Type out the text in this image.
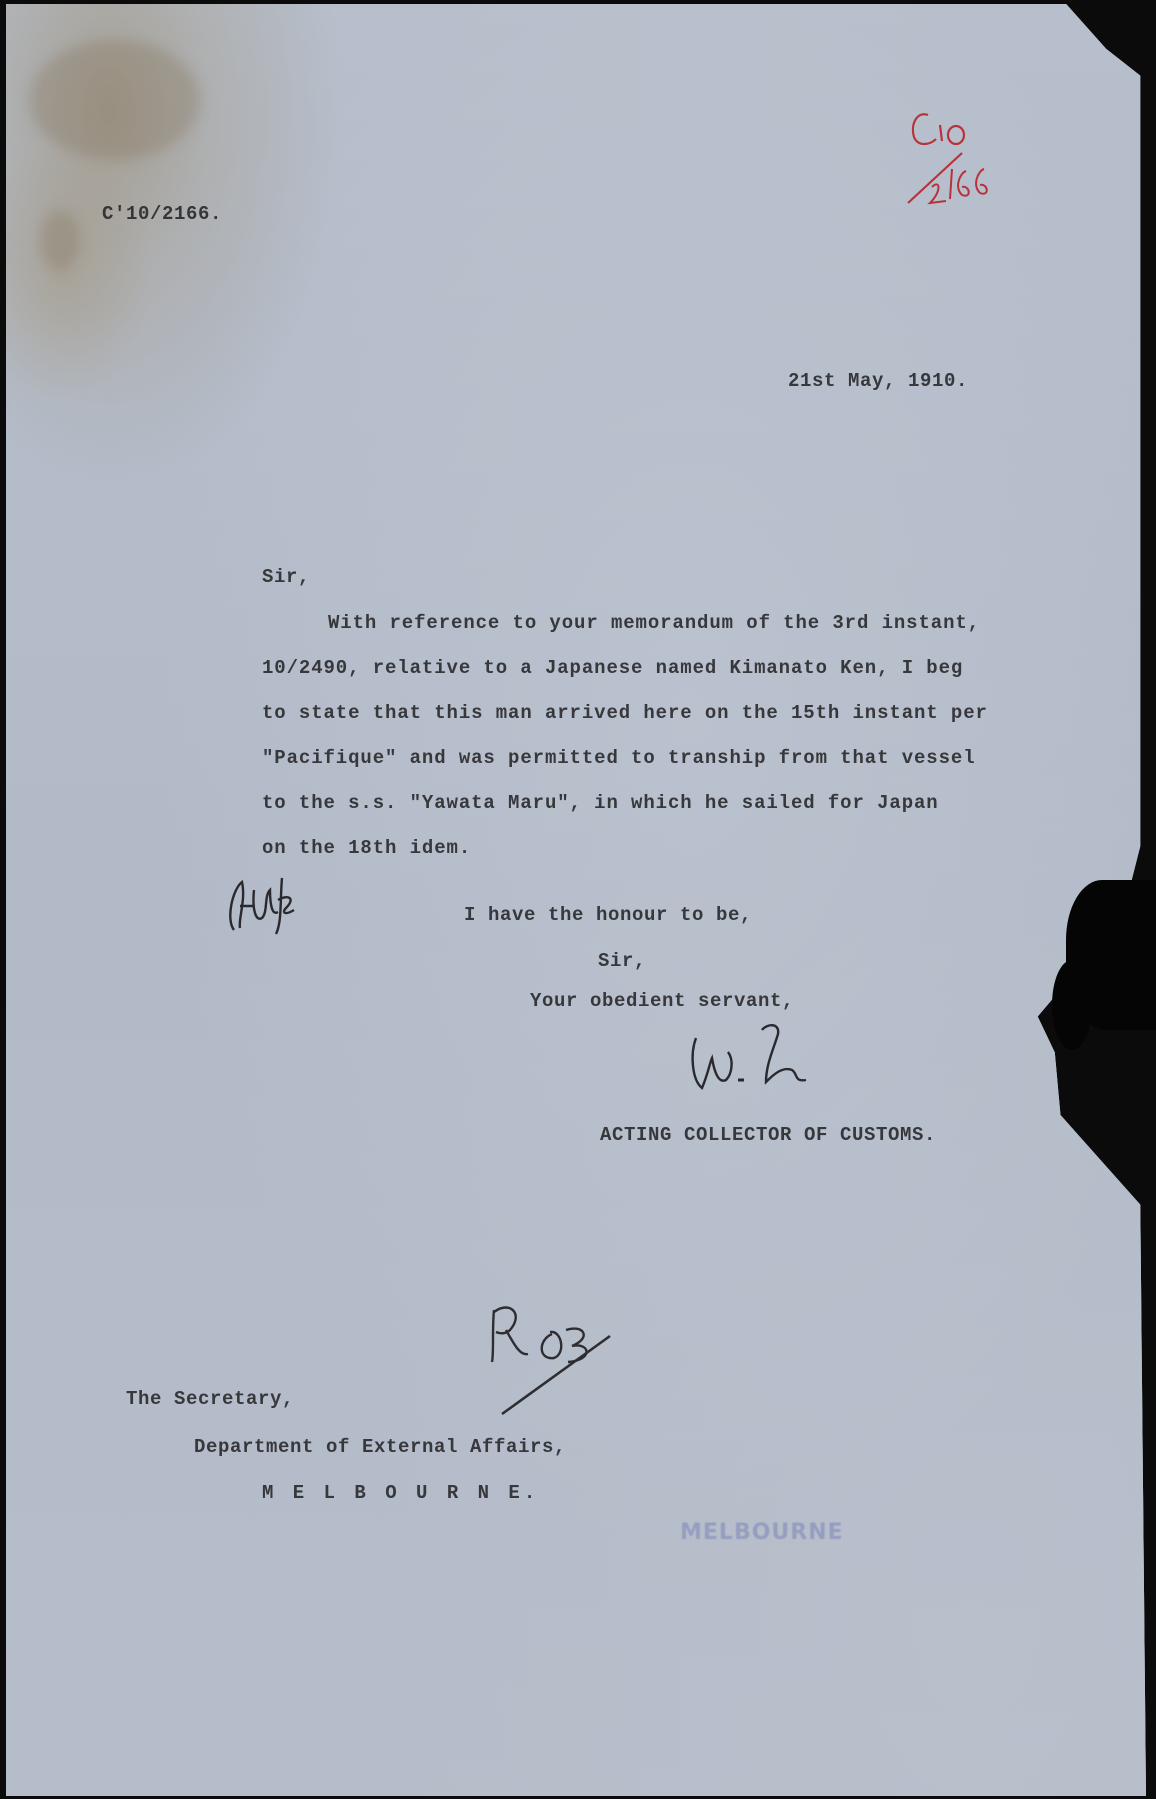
C'10/2166.
21st May, 1910.
Sir,
With reference to your memorandum of the 3rd instant,
10/2490, relative to a Japanese named Kimanato Ken, I beg
to state that this man arrived here on the 15th instant per
"Pacifique" and was permitted to tranship from that vessel
to the s.s. "Yawata Maru", in which he sailed for Japan
on the 18th idem.
I have the honour to be,
Sir,
Your obedient servant,
ACTING COLLECTOR OF CUSTOMS.
The Secretary,
Department of External Affairs,
M E L B O U R N E.
MELBOURNE
